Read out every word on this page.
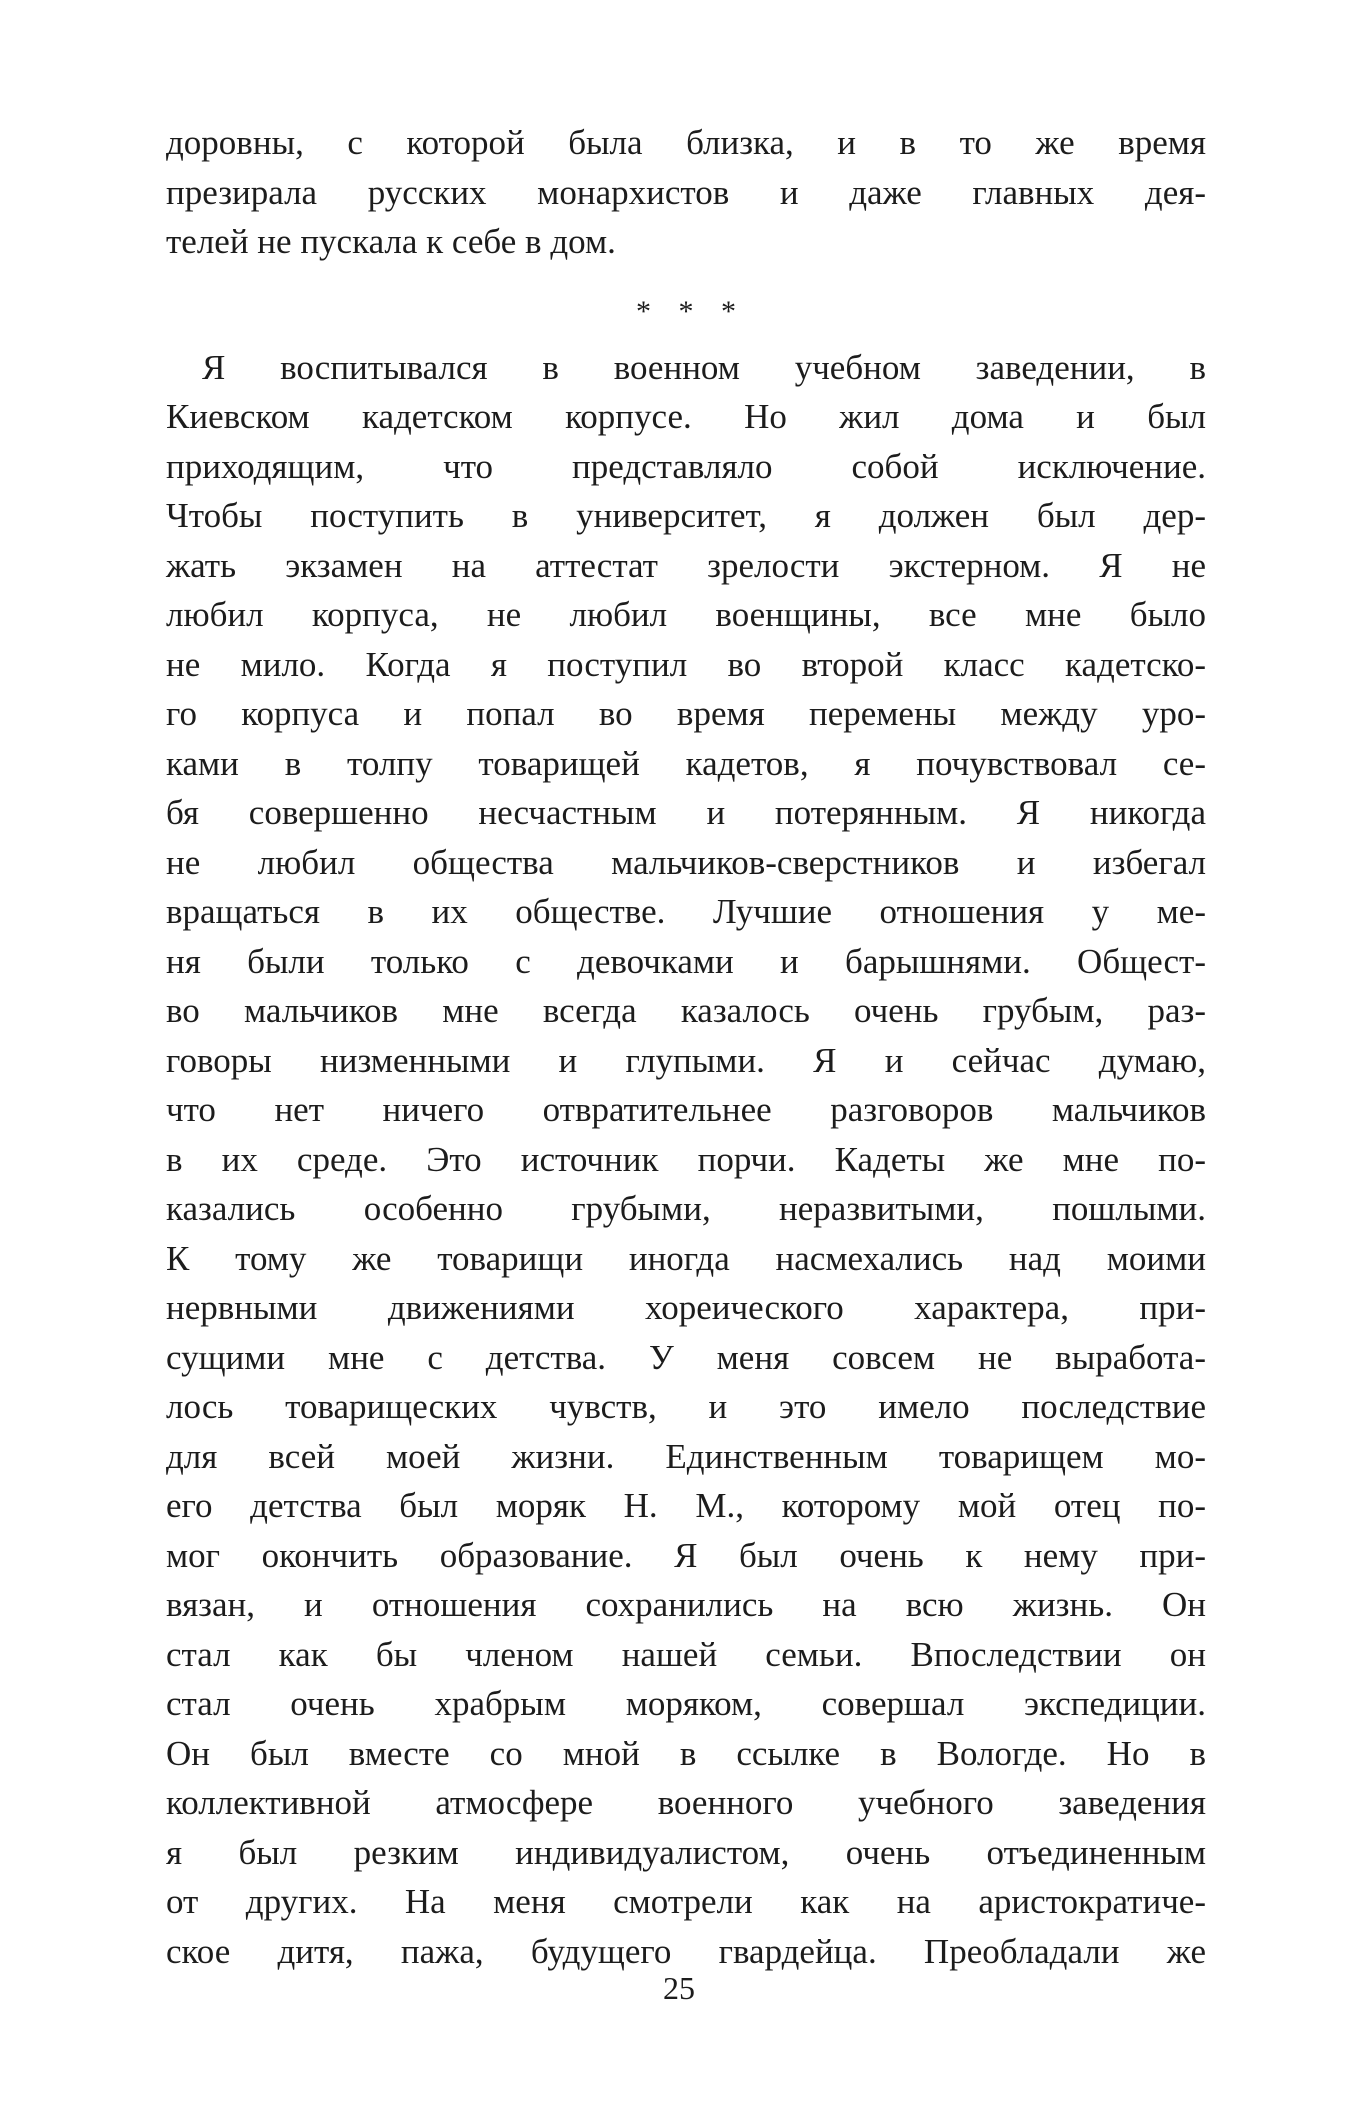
доровны, с которой была близка, и в то же время
презирала русских монархистов и даже главных дея-
телей не пускала к себе в дом.
* * *
Я воспитывался в военном учебном заведении, в
Киевском кадетском корпусе. Но жил дома и был
приходящим, что представляло собой исключение.
Чтобы поступить в университет, я должен был дер-
жать экзамен на аттестат зрелости экстерном. Я не
любил корпуса, не любил военщины, все мне было
не мило. Когда я поступил во второй класс кадетско-
го корпуса и попал во время перемены между уро-
ками в толпу товарищей кадетов, я почувствовал се-
бя совершенно несчастным и потерянным. Я никогда
не любил общества мальчиков-сверстников и избегал
вращаться в их обществе. Лучшие отношения у ме-
ня были только с девочками и барышнями. Общест-
во мальчиков мне всегда казалось очень грубым, раз-
говоры низменными и глупыми. Я и сейчас думаю,
что нет ничего отвратительнее разговоров мальчиков
в их среде. Это источник порчи. Кадеты же мне по-
казались особенно грубыми, неразвитыми, пошлыми.
К тому же товарищи иногда насмехались над моими
нервными движениями хореического характера, при-
сущими мне с детства. У меня совсем не выработа-
лось товарищеских чувств, и это имело последствие
для всей моей жизни. Единственным товарищем мо-
его детства был моряк Н. М., которому мой отец по-
мог окончить образование. Я был очень к нему при-
вязан, и отношения сохранились на всю жизнь. Он
стал как бы членом нашей семьи. Впоследствии он
стал очень храбрым моряком, совершал экспедиции.
Он был вместе со мной в ссылке в Вологде. Но в
коллективной атмосфере военного учебного заведения
я был резким индивидуалистом, очень отъединенным
от других. На меня смотрели как на аристократиче-
ское дитя, пажа, будущего гвардейца. Преобладали же
25
